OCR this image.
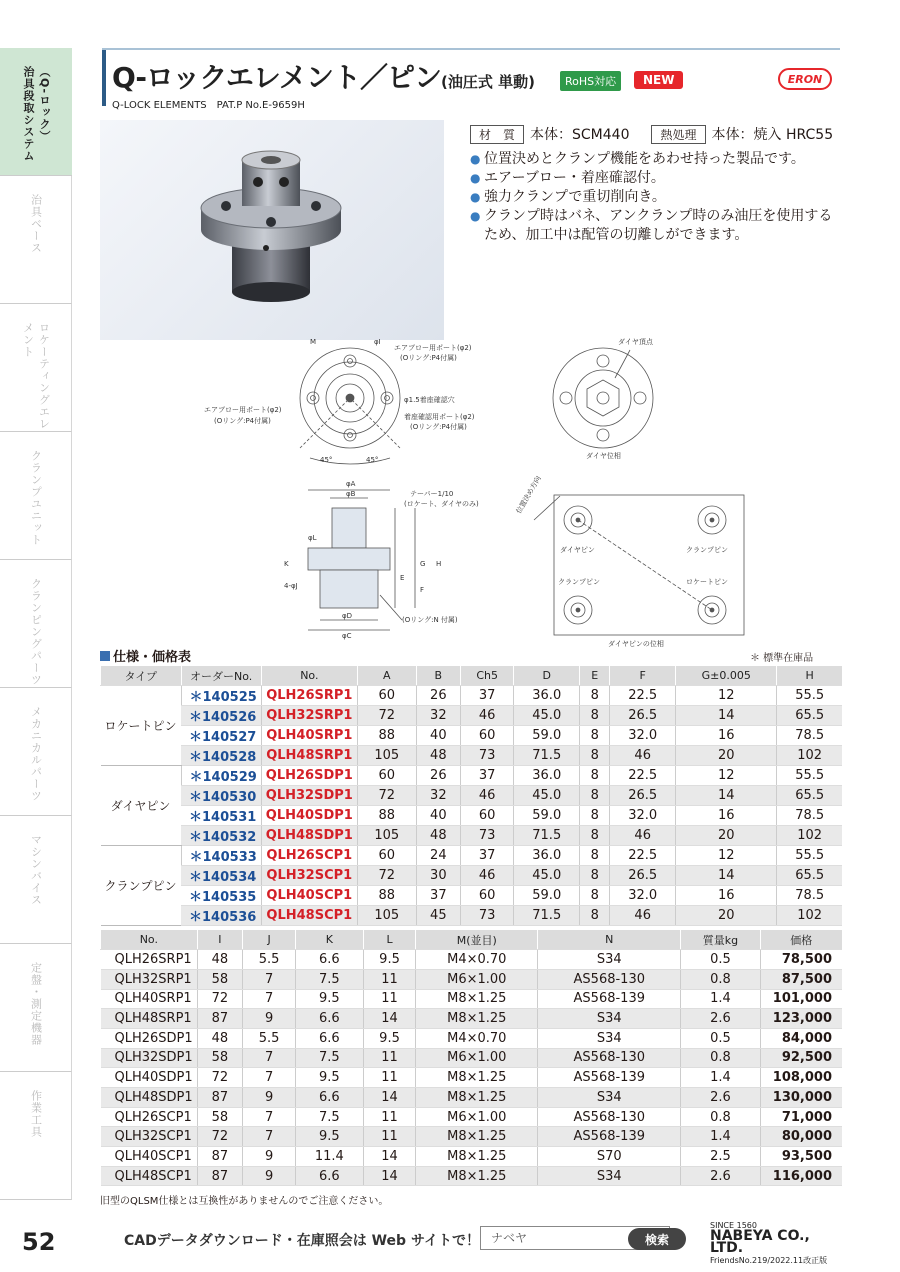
治具段取システム （Q-ロック）
治具ベース
ロケーティングエレメント
クランプユニット
クランピングパーツ
メカニカルパーツ
マシンバイス
定盤・測定機器
作業工具
52
Q-ロックエレメント／ピン(油圧式 単動)	RoHS対応	NEW
Q-LOCK ELEMENTS　PAT.P No.E-9659H
ERON
材　質	本体：SCM440	熱処理	本体：焼入 HRC55
● 位置決めとクランプ機能をあわせ持った製品です。
● エアーブロー・着座確認付。
● 強力クランプで重切削向き。
● クランプ時はバネ、アンクランプ時のみ油圧を使用するため、加工中は配管の切離しができます。
M	φI
エアブロー用ポート(φ2)
(Oリング:P4付属)
エアブロー用ポート(φ2)
(Oリング:P4付属)
φ1.5着座確認穴
着座確認用ポート(φ2)
(Oリング:P4付属)
45°	45°
ダイヤ頂点
ダイヤ位相
φA
φB	テーパー1/10
(ロケート、ダイヤのみ)
φL
K	G
E
F
H
4-φJ
φD
φC
(Oリング:N 付属)
位置決め方向
ダイヤピン	クランプピン
クランプピン	ロケートピン
ダイヤピンの位相
仕様・価格表	＊ 標準在庫品
タイプ	オーダーNo.	No.	A	B	Ch5	D	E	F	G±0.005	H
ロケートピン	＊140525	QLH26SRP1	60	26	37	36.0	8	22.5	12	55.5
	＊140526	QLH32SRP1	72	32	46	45.0	8	26.5	14	65.5
	＊140527	QLH40SRP1	88	40	60	59.0	8	32.0	16	78.5
	＊140528	QLH48SRP1	105	48	73	71.5	8	46	20	102
ダイヤピン	＊140529	QLH26SDP1	60	26	37	36.0	8	22.5	12	55.5
	＊140530	QLH32SDP1	72	32	46	45.0	8	26.5	14	65.5
	＊140531	QLH40SDP1	88	40	60	59.0	8	32.0	16	78.5
	＊140532	QLH48SDP1	105	48	73	71.5	8	46	20	102
クランプピン	＊140533	QLH26SCP1	60	24	37	36.0	8	22.5	12	55.5
	＊140534	QLH32SCP1	72	30	46	45.0	8	26.5	14	65.5
	＊140535	QLH40SCP1	88	37	60	59.0	8	32.0	16	78.5
	＊140536	QLH48SCP1	105	45	73	71.5	8	46	20	102
No.	I	J	K	L	M(並目)	N	質量kg	価格
QLH26SRP1	48	5.5	6.6	9.5	M4×0.70	S34	0.5	78,500
QLH32SRP1	58	7	7.5	11	M6×1.00	AS568-130	0.8	87,500
QLH40SRP1	72	7	9.5	11	M8×1.25	AS568-139	1.4	101,000
QLH48SRP1	87	9	6.6	14	M8×1.25	S34	2.6	123,000
QLH26SDP1	48	5.5	6.6	9.5	M4×0.70	S34	0.5	84,000
QLH32SDP1	58	7	7.5	11	M6×1.00	AS568-130	0.8	92,500
QLH40SDP1	72	7	9.5	11	M8×1.25	AS568-139	1.4	108,000
QLH48SDP1	87	9	6.6	14	M8×1.25	S34	2.6	130,000
QLH26SCP1	58	7	7.5	11	M6×1.00	AS568-130	0.8	71,000
QLH32SCP1	72	7	9.5	11	M8×1.25	AS568-139	1.4	80,000
QLH40SCP1	87	9	11.4	14	M8×1.25	S70	2.5	93,500
QLH48SCP1	87	9	6.6	14	M8×1.25	S34	2.6	116,000
旧型のQLSM仕様とは互換性がありませんのでご注意ください。
CADデータダウンロード・在庫照会は Web サイトで！ ナベヤ	検索
SINCE 1560
NABEYA CO., LTD.
FriendsNo.219/2022.11改正版
